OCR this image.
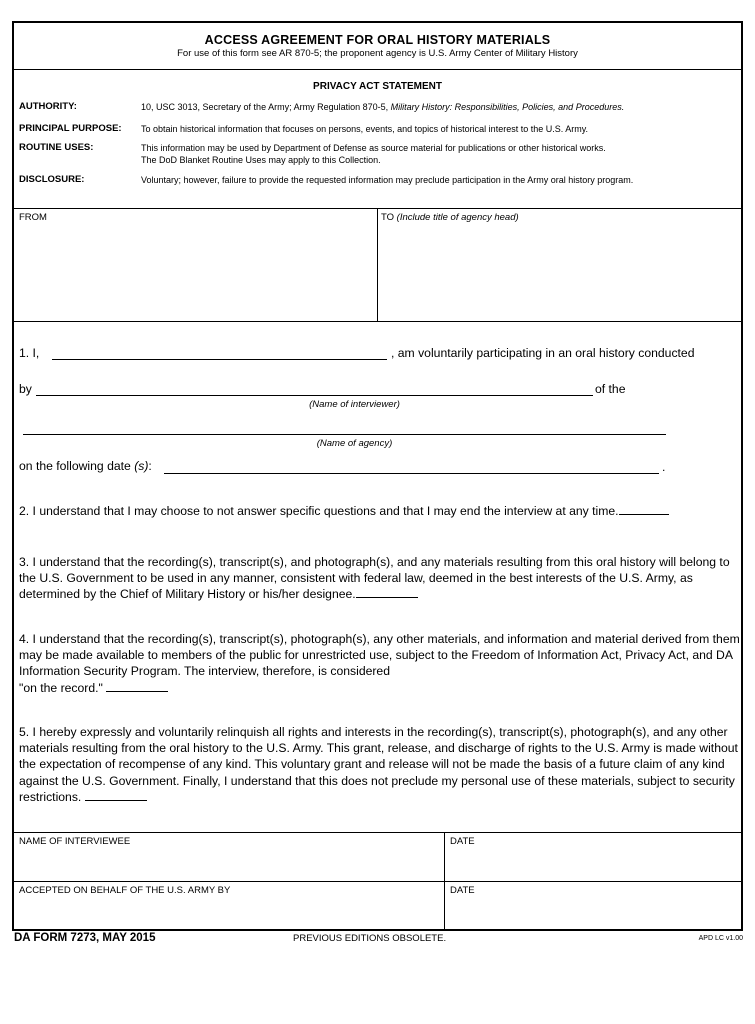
ACCESS AGREEMENT FOR ORAL HISTORY MATERIALS
For use of this form see AR 870-5; the proponent agency is U.S. Army Center of Military History
PRIVACY ACT STATEMENT
AUTHORITY:	10, USC 3013, Secretary of the Army; Army Regulation 870-5, Military History: Responsibilities, Policies, and Procedures.
PRINCIPAL PURPOSE: To obtain historical information that focuses on persons, events, and topics of historical interest to the U.S. Army.
ROUTINE USES:	This information may be used by Department of Defense as source material for publications or other historical works.
The DoD Blanket Routine Uses may apply to this Collection.
DISCLOSURE:	Voluntary; however, failure to provide the requested information may preclude participation in the Army oral history program.
FROM	TO (Include title of agency head)
1. I,	, am voluntarily participating in an oral history conducted
by	of the
(Name of interviewer)
(Name of agency)
on the following date (s):	.
2. I understand that I may choose to not answer specific questions and that I may end the interview at any time.
3. I understand that the recording(s), transcript(s), and photograph(s), and any materials resulting from this oral history will belong to the U.S. Government to be used in any manner, consistent with federal law, deemed in the best interests of the U.S. Army, as determined by the Chief of Military History or his/her designee.
4. I understand that the recording(s), transcript(s), photograph(s), any other materials, and information and material derived from them may be made available to members of the public for unrestricted use, subject to the Freedom of Information Act, Privacy Act, and DA Information Security Program. The interview, therefore, is considered
"on the record."
5. I hereby expressly and voluntarily relinquish all rights and interests in the recording(s), transcript(s), photograph(s), and any other materials resulting from the oral history to the U.S. Army. This grant, release, and discharge of rights to the U.S. Army is made without the expectation of recompense of any kind. This voluntary grant and release will not be made the basis of a future claim of any kind against the U.S. Government. Finally, I understand that this does not preclude my personal use of these materials, subject to security restrictions.
NAME OF INTERVIEWEE	DATE
ACCEPTED ON BEHALF OF THE U.S. ARMY BY	DATE
DA FORM 7273, MAY 2015	PREVIOUS EDITIONS OBSOLETE.	APD LC v1.00
